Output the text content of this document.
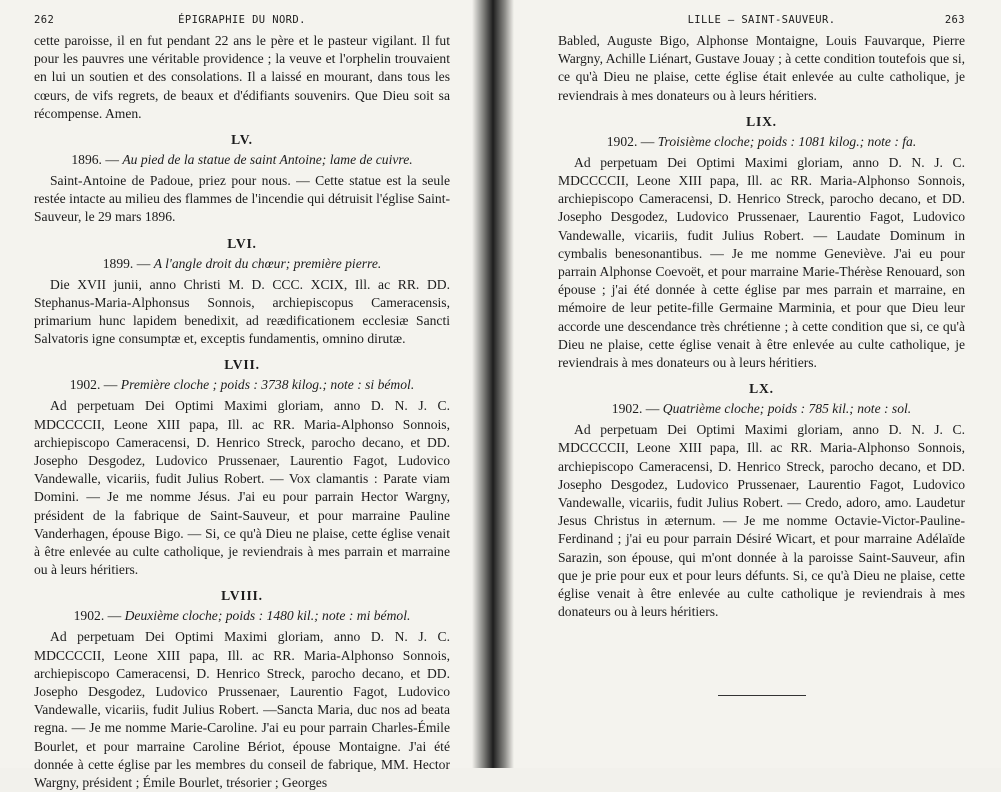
262	ÉPIGRAPHIE DU NORD.

cette paroisse, il en fut pendant 22 ans le père et le pasteur vigilant. Il fut pour les pauvres une véritable providence ; la veuve et l'orphelin trouvaient en lui un soutien et des consolations. Il a laissé en mourant, dans tous les cœurs, de vifs regrets, de beaux et d'édifiants souvenirs. Que Dieu soit sa récompense. Amen.

LV.
1896. — Au pied de la statue de saint Antoine; lame de cuivre.

Saint-Antoine de Padoue, priez pour nous. — Cette statue est la seule restée intacte au milieu des flammes de l'incendie qui détruisit l'église Saint-Sauveur, le 29 mars 1896.

LVI.
1899. — A l'angle droit du chœur; première pierre.

Die XVII junii, anno Christi M. D. CCC. XCIX, Ill. ac RR. DD. Stephanus-Maria-Alphonsus Sonnois, archiepiscopus Cameracensis, primarium hunc lapidem benedixit, ad reædificationem ecclesiæ Sancti Salvatoris igne consumptæ et, exceptis fundamentis, omnino dirutæ.

LVII.
1902. — Première cloche ; poids : 3738 kilog.; note : si bémol.

Ad perpetuam Dei Optimi Maximi gloriam, anno D. N. J. C. MDCCCCII, Leone XIII papa, Ill. ac RR. Maria-Alphonso Sonnois, archiepiscopo Cameracensi, D. Henrico Streck, parocho decano, et DD. Josepho Desgodez, Ludovico Prussenaer, Laurentio Fagot, Ludovico Vandewalle, vicariis, fudit Julius Robert. — Vox clamantis : Parate viam Domini. — Je me nomme Jésus. J'ai eu pour parrain Hector Wargny, président de la fabrique de Saint-Sauveur, et pour marraine Pauline Vanderhagen, épouse Bigo. — Si, ce qu'à Dieu ne plaise, cette église venait à être enlevée au culte catholique, je reviendrais à mes parrain et marraine ou à leurs héritiers.

LVIII.
1902. — Deuxième cloche; poids : 1480 kil.; note : mi bémol.

Ad perpetuam Dei Optimi Maximi gloriam, anno D. N. J. C. MDCCCCII, Leone XIII papa, Ill. ac RR. Maria-Alphonso Sonnois, archiepiscopo Cameracensi, D. Henrico Streck, parocho decano, et DD. Josepho Desgodez, Ludovico Prussenaer, Laurentio Fagot, Ludovico Vandewalle, vicariis, fudit Julius Robert. —Sancta Maria, duc nos ad beata regna. — Je me nomme Marie-Caroline. J'ai eu pour parrain Charles-Émile Bourlet, et pour marraine Caroline Bériot, épouse Montaigne. J'ai été donnée à cette église par les membres du conseil de fabrique, MM. Hector Wargny, président ; Émile Bourlet, trésorier ; Georges

LILLE — SAINT-SAUVEUR.	263

Babled, Auguste Bigo, Alphonse Montaigne, Louis Fauvarque, Pierre Wargny, Achille Liénart, Gustave Jouay ; à cette condition toutefois que si, ce qu'à Dieu ne plaise, cette église était enlevée au culte catholique, je reviendrais à mes donateurs ou à leurs héritiers.

LIX.
1902. — Troisième cloche; poids : 1081 kilog.; note : fa.

Ad perpetuam Dei Optimi Maximi gloriam, anno D. N. J. C. MDCCCCII, Leone XIII papa, Ill. ac RR. Maria-Alphonso Sonnois, archiepiscopo Cameracensi, D. Henrico Streck, parocho decano, et DD. Josepho Desgodez, Ludovico Prussenaer, Laurentio Fagot, Ludovico Vandewalle, vicariis, fudit Julius Robert. — Laudate Dominum in cymbalis benesonantibus. — Je me nomme Geneviève. J'ai eu pour parrain Alphonse Coevoët, et pour marraine Marie-Thérèse Renouard, son épouse ; j'ai été donnée à cette église par mes parrain et marraine, en mémoire de leur petite-fille Germaine Marminia, et pour que Dieu leur accorde une descendance très chrétienne ; à cette condition que si, ce qu'à Dieu ne plaise, cette église venait à être enlevée au culte catholique, je reviendrais à mes donateurs ou à leurs héritiers.

LX.
1902. — Quatrième cloche; poids : 785 kil.; note : sol.

Ad perpetuam Dei Optimi Maximi gloriam, anno D. N. J. C. MDCCCCII, Leone XIII papa, Ill. ac RR. Maria-Alphonso Sonnois, archiepiscopo Cameracensi, D. Henrico Streck, parocho decano, et DD. Josepho Desgodez, Ludovico Prussenaer, Laurentio Fagot, Ludovico Vandewalle, vicariis, fudit Julius Robert. — Credo, adoro, amo. Laudetur Jesus Christus in æternum. — Je me nomme Octavie-Victor-Pauline-Ferdinand ; j'ai eu pour parrain Désiré Wicart, et pour marraine Adélaïde Sarazin, son épouse, qui m'ont donnée à la paroisse Saint-Sauveur, afin que je prie pour eux et pour leurs défunts. Si, ce qu'à Dieu ne plaise, cette église venait à être enlevée au culte catholique je reviendrais à mes donateurs ou à leurs héritiers.
